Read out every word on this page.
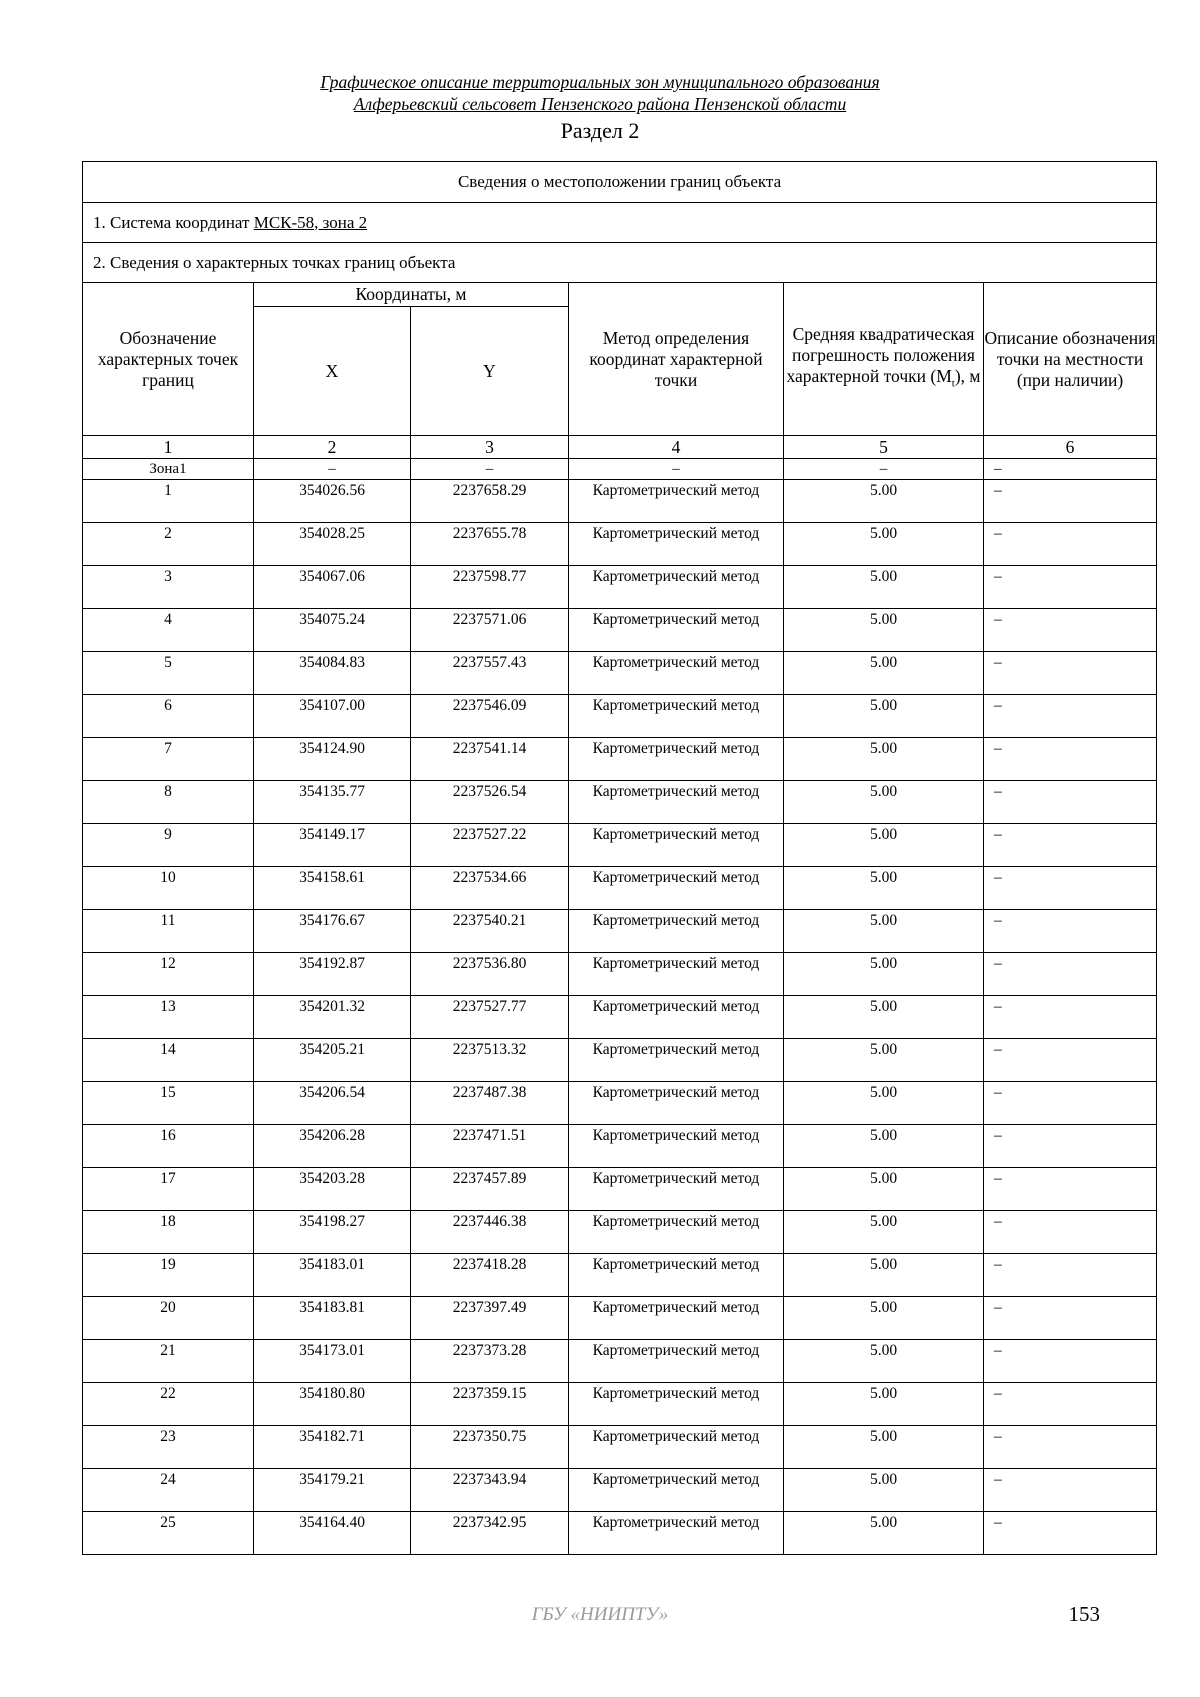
Графическое описание территориальных зон муниципального образования
Алферьевский сельсовет Пензенского района Пензенской области
Раздел 2
Сведения о местоположении границ объекта					
1. Система координат МСК-58, зона 2					
2. Сведения о характерных точках границ объекта					
Обозначение характерных точек границ	Координаты, м		Метод определения координат характерной точки	Средняя квадратическая погрешность положения характерной точки $(M_t)$, м	Описание обозначения точки на местности (при наличии)
	X	Y			
1	2	3	4	5	6
Зона1	–	–	–	–	–

1	354026.56	2237658.29	Картометрический метод	5.00	–

2	354028.25	2237655.78	Картометрический метод	5.00	–

3	354067.06	2237598.77	Картометрический метод	5.00	–

4	354075.24	2237571.06	Картометрический метод	5.00	–

5	354084.83	2237557.43	Картометрический метод	5.00	–

6	354107.00	2237546.09	Картометрический метод	5.00	–

7	354124.90	2237541.14	Картометрический метод	5.00	–

8	354135.77	2237526.54	Картометрический метод	5.00	–

9	354149.17	2237527.22	Картометрический метод	5.00	–

10	354158.61	2237534.66	Картометрический метод	5.00	–

11	354176.67	2237540.21	Картометрический метод	5.00	–

12	354192.87	2237536.80	Картометрический метод	5.00	–

13	354201.32	2237527.77	Картометрический метод	5.00	–

14	354205.21	2237513.32	Картометрический метод	5.00	–

15	354206.54	2237487.38	Картометрический метод	5.00	–

16	354206.28	2237471.51	Картометрический метод	5.00	–

17	354203.28	2237457.89	Картометрический метод	5.00	–

18	354198.27	2237446.38	Картометрический метод	5.00	–

19	354183.01	2237418.28	Картометрический метод	5.00	–

20	354183.81	2237397.49	Картометрический метод	5.00	–

21	354173.01	2237373.28	Картометрический метод	5.00	–

22	354180.80	2237359.15	Картометрический метод	5.00	–

23	354182.71	2237350.75	Картометрический метод	5.00	–

24	354179.21	2237343.94	Картометрический метод	5.00	–

25	354164.40	2237342.95	Картометрический метод	5.00	–
ГБУ «НИИПТУ»	153
